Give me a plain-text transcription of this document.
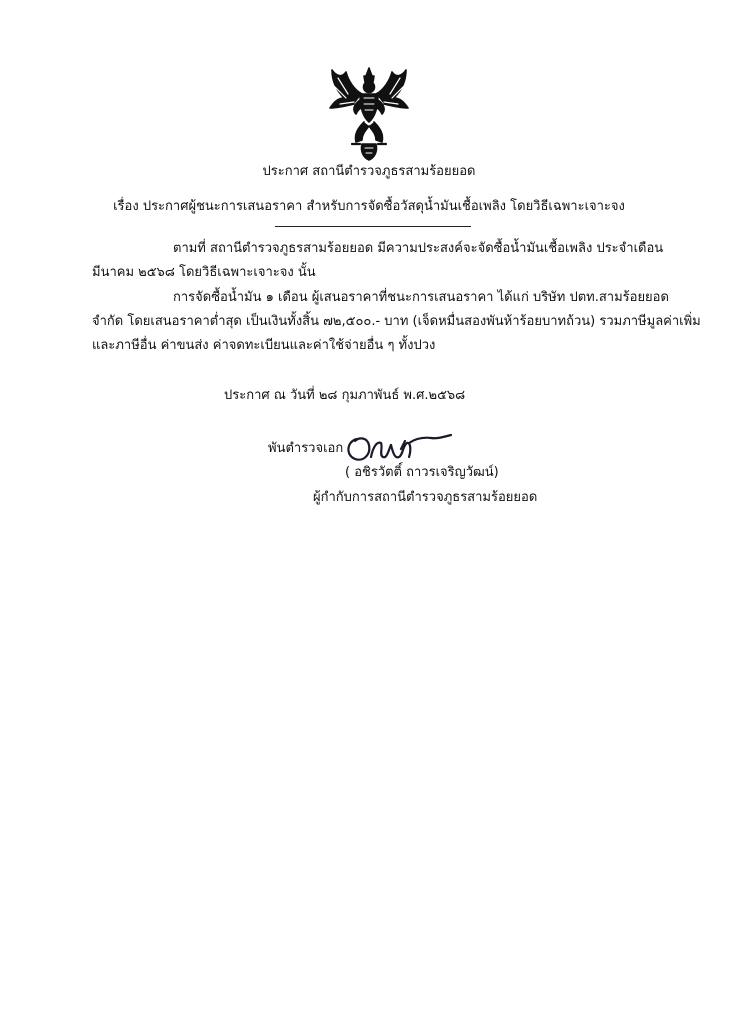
ประกาศ สถานีตำรวจภูธรสามร้อยยอด
เรื่อง ประกาศผู้ชนะการเสนอราคา สำหรับการจัดซื้อวัสดุน้ำมันเชื้อเพลิง โดยวิธีเฉพาะเจาะจง
ตามที่ สถานีตำรวจภูธรสามร้อยยอด มีความประสงค์จะจัดซื้อน้ำมันเชื้อเพลิง ประจำเดือน
มีนาคม ๒๕๖๘ โดยวิธีเฉพาะเจาะจง นั้น
การจัดซื้อน้ำมัน ๑ เดือน ผู้เสนอราคาที่ชนะการเสนอราคา ได้แก่ บริษัท ปตท.สามร้อยยอด
จำกัด โดยเสนอราคาต่ำสุด เป็นเงินทั้งสิ้น ๗๒,๕๐๐.- บาท (เจ็ดหมื่นสองพันห้าร้อยบาทถ้วน) รวมภาษีมูลค่าเพิ่ม
และภาษีอื่น ค่าขนส่ง ค่าจดทะเบียนและค่าใช้จ่ายอื่น ๆ ทั้งปวง
ประกาศ ณ วันที่ ๒๘ กุมภาพันธ์ พ.ศ.๒๕๖๘
พันตำรวจเอก
( อชิรวัตติ์ ถาวรเจริญวัฒน์)
ผู้กำกับการสถานีตำรวจภูธรสามร้อยยอด
